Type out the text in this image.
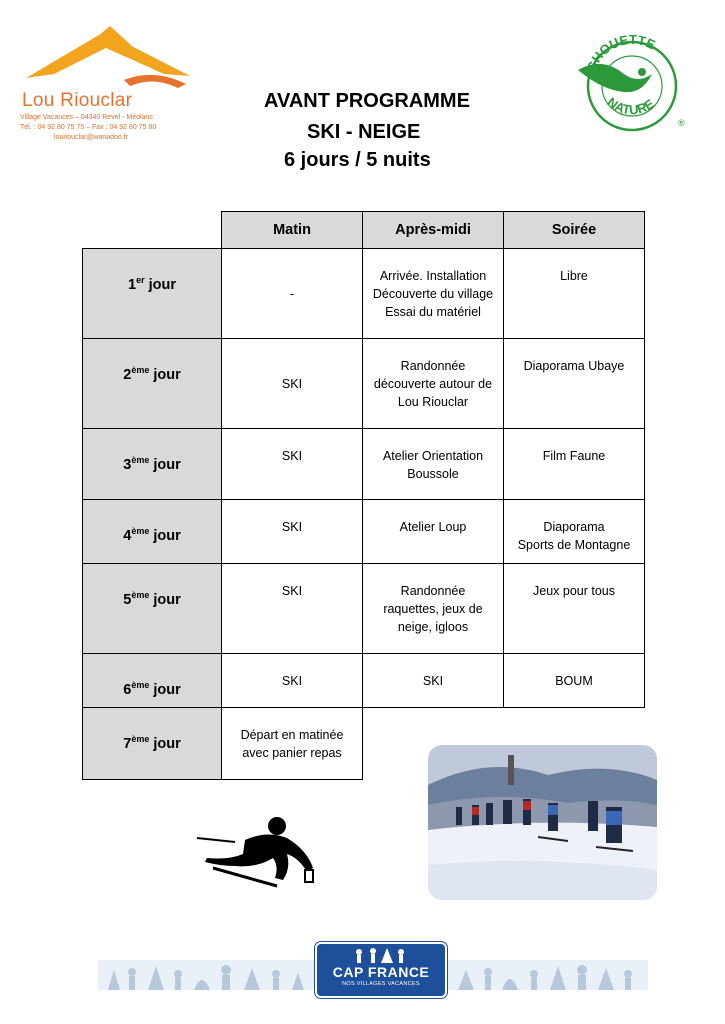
Lou Riouclar
Village Vacances – 04340 Revel - Méolans
Tél. : 04 92 80 75 75 – Fax : 04 92 80 75 80
louriouclar@wanadoo.fr
CHOUETTE
NATURE
®
AVANT PROGRAMME
SKI - NEIGE
6 jours / 5 nuits
	Matin	Après-midi	Soirée
1er jour	-	Arrivée. Installation
Découverte du village
Essai du matériel	Libre

2ème jour	SKI	Randonnée
découverte autour de
Lou Riouclar	Diaporama Ubaye

3ème jour	SKI	Atelier Orientation
Boussole	Film Faune

4ème jour	SKI	Atelier Loup	Diaporama
Sports de Montagne

5ème jour	SKI	Randonnée
raquettes, jeux de
neige, igloos	Jeux pour tous

6ème jour	SKI	SKI	BOUM

7ème jour	Départ en matinée
avec panier repas		

CAP FRANCE
NOS VILLAGES VACANCES
